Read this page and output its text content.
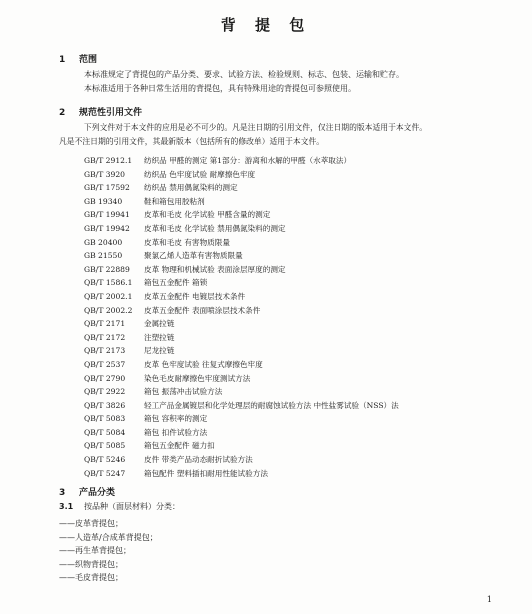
背 提 包
1 范围
本标准规定了背提包的产品分类、要求、试验方法、检验规则、标志、包装、运输和贮存。
本标准适用于各种日常生活用的背提包，具有特殊用途的背提包可参照使用。
2 规范性引用文件
下列文件对于本文件的应用是必不可少的。凡是注日期的引用文件，仅注日期的版本适用于本文件。
凡是不注日期的引用文件，其最新版本（包括所有的修改单）适用于本文件。
GB/T 2912.1 纺织品 甲醛的测定 第1部分：游离和水解的甲醛（水萃取法）
GB/T 3920 纺织品 色牢度试验 耐摩擦色牢度
GB/T 17592 纺织品 禁用偶氮染料的测定
GB 19340	鞋和箱包用胶粘剂
GB/T 19941 皮革和毛皮 化学试验 甲醛含量的测定
GB/T 19942 皮革和毛皮 化学试验 禁用偶氮染料的测定
GB 20400	皮革和毛皮 有害物质限量
GB 21550	聚氯乙烯人造革有害物质限量
GB/T 22889 皮革 物理和机械试验 表面涂层厚度的测定
QB/T 1586.1 箱包五金配件 箱锁
QB/T 2002.1 皮革五金配件 电镀层技术条件
QB/T 2002.2 皮革五金配件 表面喷涂层技术条件
QB/T 2171 金属拉链
QB/T 2172 注塑拉链
QB/T 2173 尼龙拉链
QB/T 2537 皮革 色牢度试验 往复式摩擦色牢度
QB/T 2790 染色毛皮耐摩擦色牢度测试方法
QB/T 2922 箱包 振荡冲击试验方法
QB/T 3826 轻工产品金属镀层和化学处理层的耐腐蚀试验方法 中性盐雾试验（NSS）法
QB/T 5083 箱包 容积率的测定
QB/T 5084 箱包 扣件试验方法
QB/T 5085 箱包五金配件 磁力扣
QB/T 5246 皮件 带类产品动态耐折试验方法
QB/T 5247 箱包配件 塑料插扣耐用性能试验方法
3 产品分类
3.1 按品种（面层材料）分类：
——皮革背提包；
——人造革/合成革背提包；
——再生革背提包；
——织物背提包；
——毛皮背提包；
1
